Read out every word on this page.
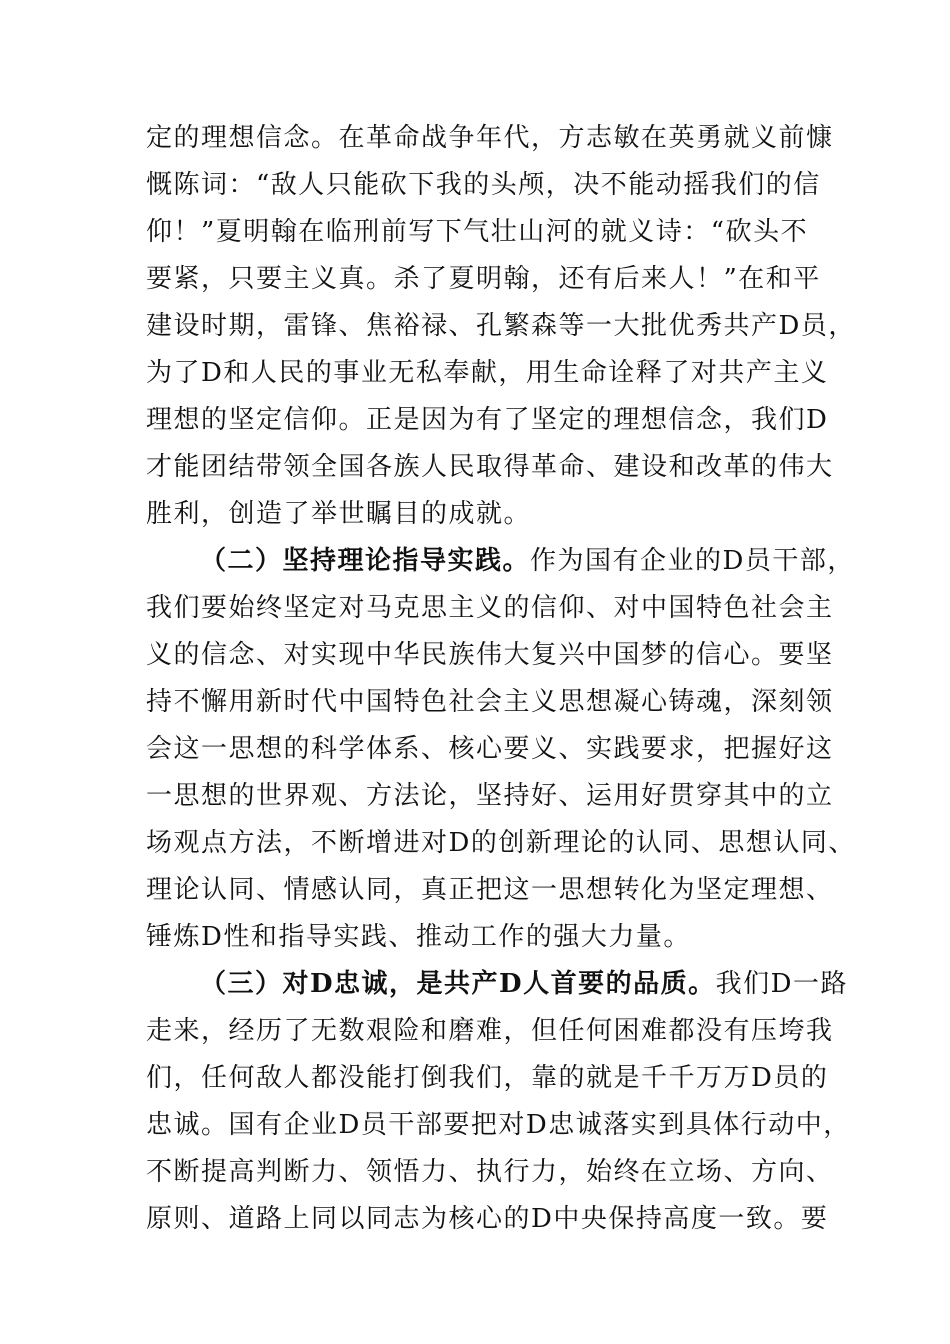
定的理想信念。在革命战争年代，方志敏在英勇就义前慷
慨陈词：“敌人只能砍下我的头颅，决不能动摇我们的信
仰！”夏明翰在临刑前写下气壮山河的就义诗：“砍头不
要紧，只要主义真。杀了夏明翰，还有后来人！”在和平
建设时期，雷锋、焦裕禄、孔繁森等一大批优秀共产D员，
为了D和人民的事业无私奉献，用生命诠释了对共产主义
理想的坚定信仰。正是因为有了坚定的理想信念，我们D
才能团结带领全国各族人民取得革命、建设和改革的伟大
胜利，创造了举世瞩目的成就。
（二）坚持理论指导实践。作为国有企业的D员干部，
我们要始终坚定对马克思主义的信仰、对中国特色社会主
义的信念、对实现中华民族伟大复兴中国梦的信心。要坚
持不懈用新时代中国特色社会主义思想凝心铸魂，深刻领
会这一思想的科学体系、核心要义、实践要求，把握好这
一思想的世界观、方法论，坚持好、运用好贯穿其中的立
场观点方法，不断增进对D的创新理论的认同、思想认同、
理论认同、情感认同，真正把这一思想转化为坚定理想、
锤炼D性和指导实践、推动工作的强大力量。
（三）对D忠诚，是共产D人首要的品质。我们D一路
走来，经历了无数艰险和磨难，但任何困难都没有压垮我
们，任何敌人都没能打倒我们，靠的就是千千万万D员的
忠诚。国有企业D员干部要把对D忠诚落实到具体行动中，
不断提高判断力、领悟力、执行力，始终在立场、方向、
原则、道路上同以同志为核心的D中央保持高度一致。要
